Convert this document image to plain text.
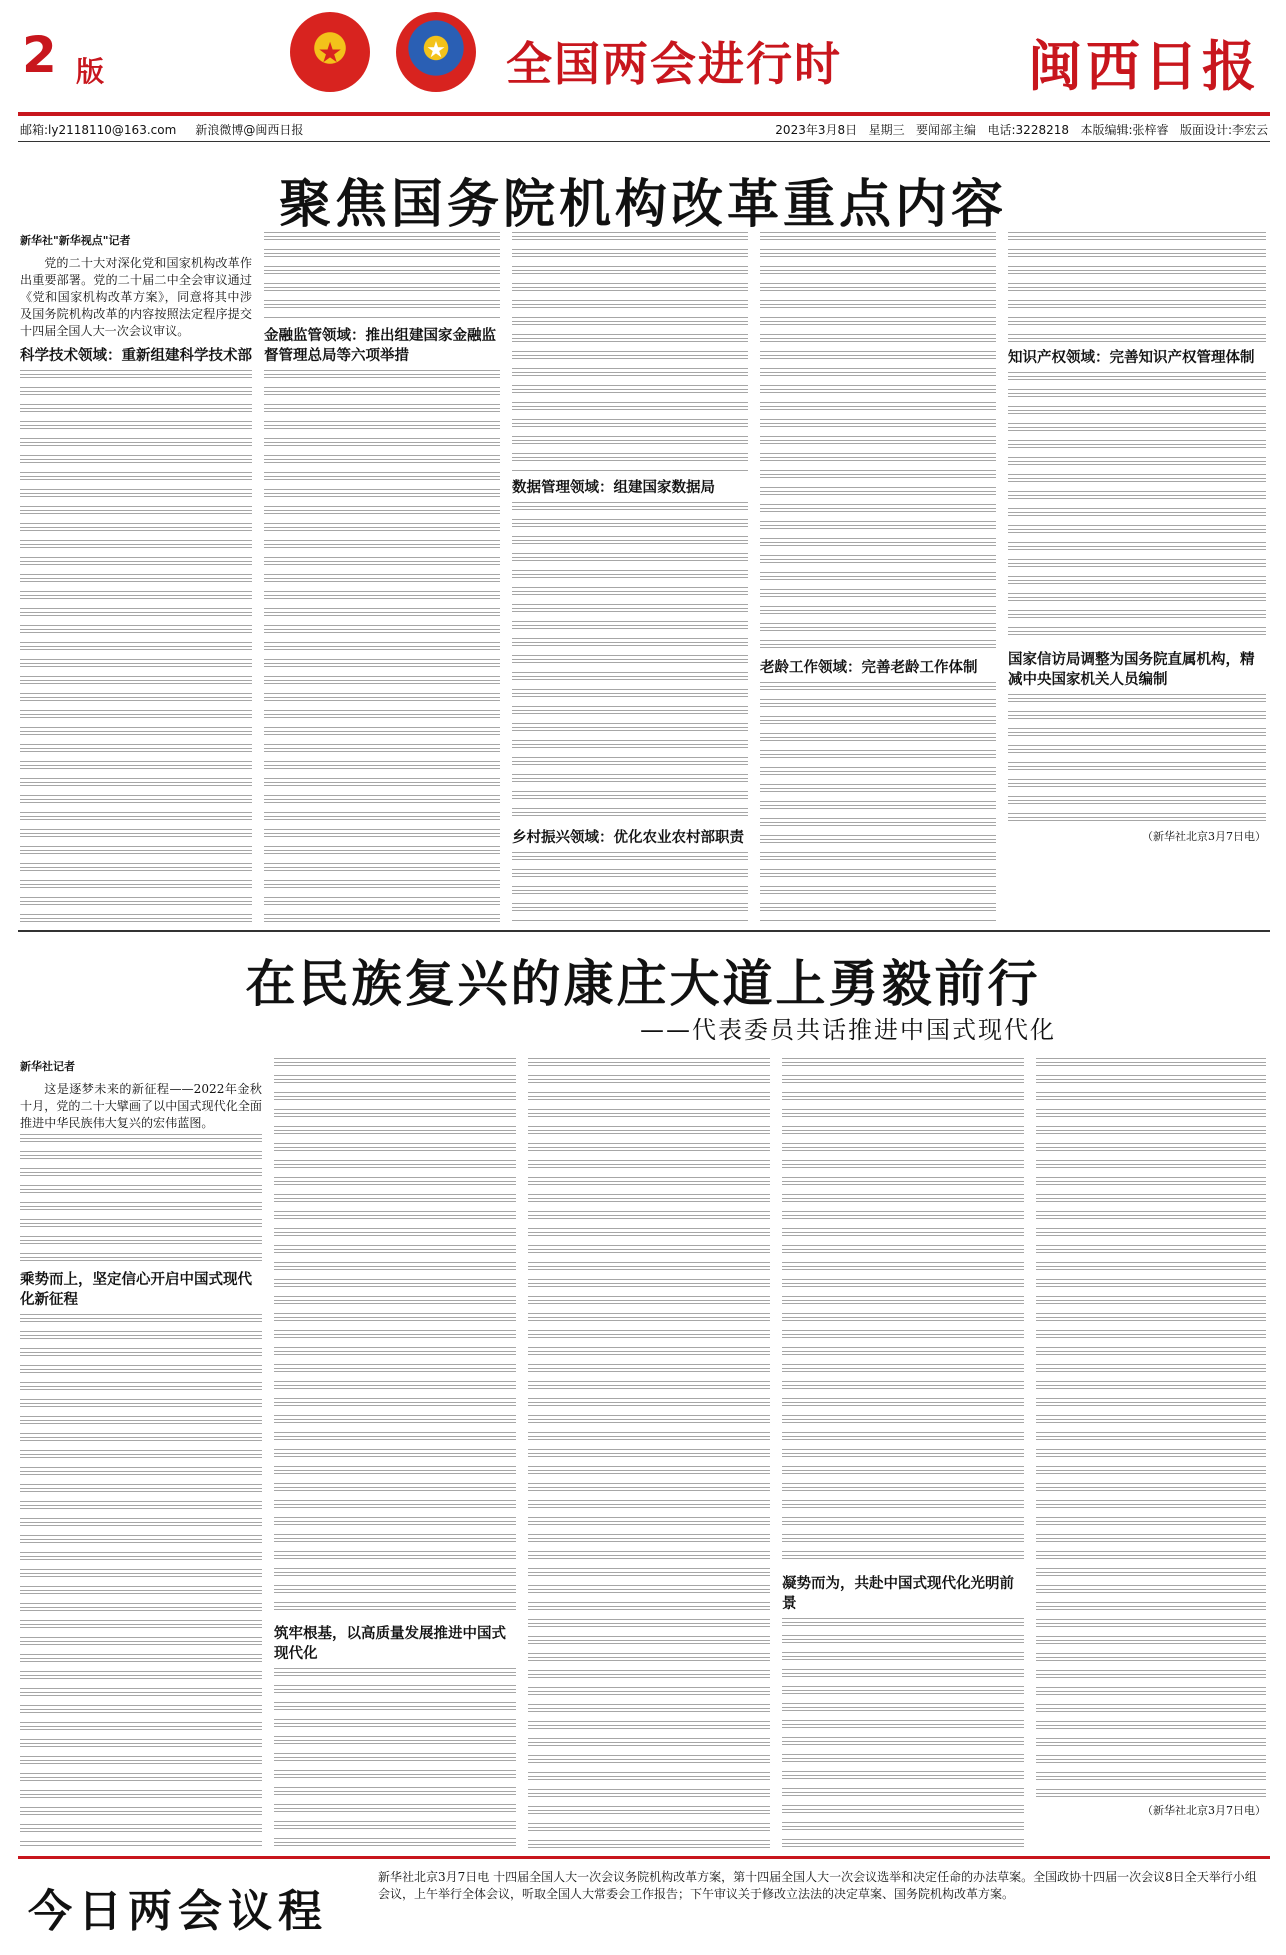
2 版
★	★	全国两会进行时	闽西日报
邮箱:ly2118110@163.com 新浪微博@闽西日报	2023年3月8日 星期三 要闻部主编 电话:3228218 本版编辑:张梓睿 版面设计:李宏云
聚焦国务院机构改革重点内容
新华社"新华视点"记者

党的二十大对深化党和国家机构改革作出重要部署。党的二十届二中全会审议通过《党和国家机构改革方案》，同意将其中涉及国务院机构改革的内容按照法定程序提交十四届全国人大一次会议审议。

科学技术领域：重新组建科学技术部
金融监管领域：推出组建国家金融监督管理总局等六项举措
数据管理领域：组建国家数据局
乡村振兴领域：优化农业农村部职责
老龄工作领域：完善老龄工作体制
知识产权领域：完善知识产权管理体制
国家信访局调整为国务院直属机构，精减中央国家机关人员编制
（新华社北京3月7日电）
在民族复兴的康庄大道上勇毅前行
——代表委员共话推进中国式现代化
新华社记者

这是逐梦未来的新征程——2022年金秋十月，党的二十大擘画了以中国式现代化全面推进中华民族伟大复兴的宏伟蓝图。

乘势而上，坚定信心开启中国式现代化新征程
筑牢根基，以高质量发展推进中国式现代化
凝势而为，共赴中国式现代化光明前景
（新华社北京3月7日电）
今日两会议程
新华社北京3月7日电 十四届全国人大一次会议务院机构改革方案，第十四届全国人大一次会议选举和决定任命的办法草案。全国政协十四届一次会议8日全天举行小组会议，上午举行全体会议，听取全国人大常委会工作报告；下午审议关于修改立法法的决定草案、国务院机构改革方案。
